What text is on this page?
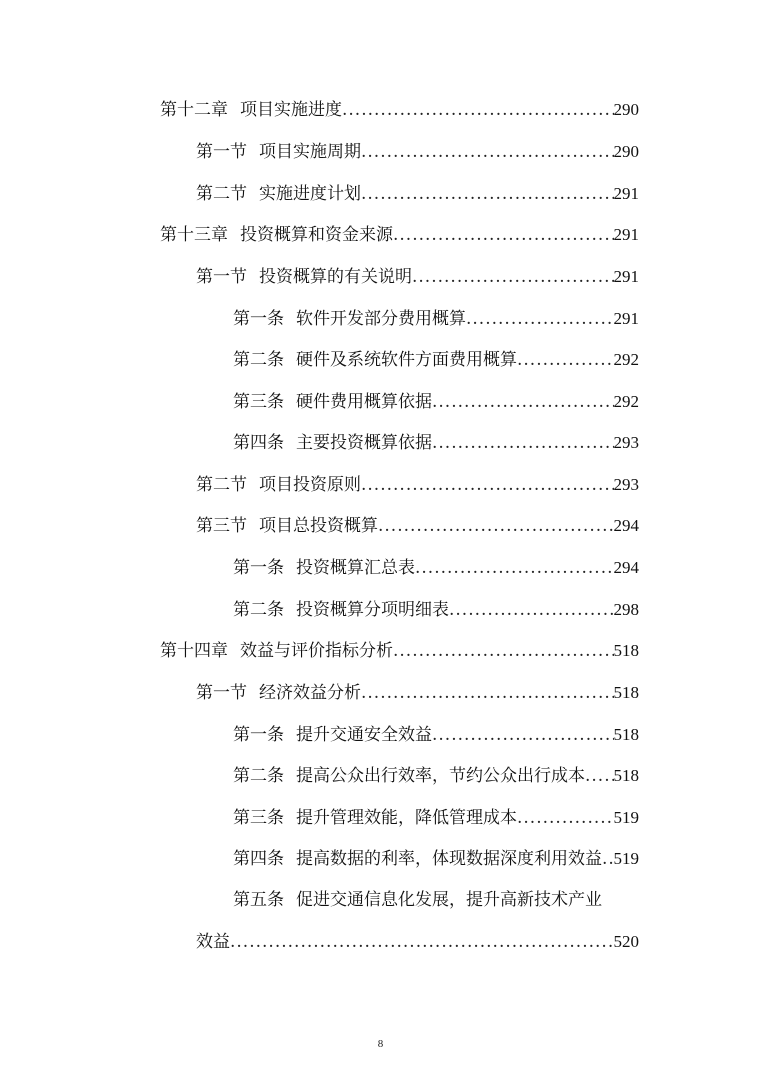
第十二章 项目实施进度 .....	290
第一节 项目实施周期 .....	290
第二节 实施进度计划 .....	291
第十三章 投资概算和资金来源 .....	291
第一节 投资概算的有关说明 .....	291
第一条 软件开发部分费用概算 .....	291
第二条 硬件及系统软件方面费用概算 .....	292
第三条 硬件费用概算依据 .....	292
第四条 主要投资概算依据 .....	293
第二节 项目投资原则 .....	293
第三节 项目总投资概算 .....	294
第一条 投资概算汇总表 .....	294
第二条 投资概算分项明细表 .....	298
第十四章 效益与评价指标分析 .....	518
第一节 经济效益分析 .....	518
第一条 提升交通安全效益 .....	518
第二条 提高公众出行效率，节约公众出行成本 ..... 518
第三条 提升管理效能，降低管理成本 .....	519
第四条 提高数据的利率，体现数据深度利用效益 ..... 519
第五条 促进交通信息化发展，提升高新技术产业
效益 .....	520
8
